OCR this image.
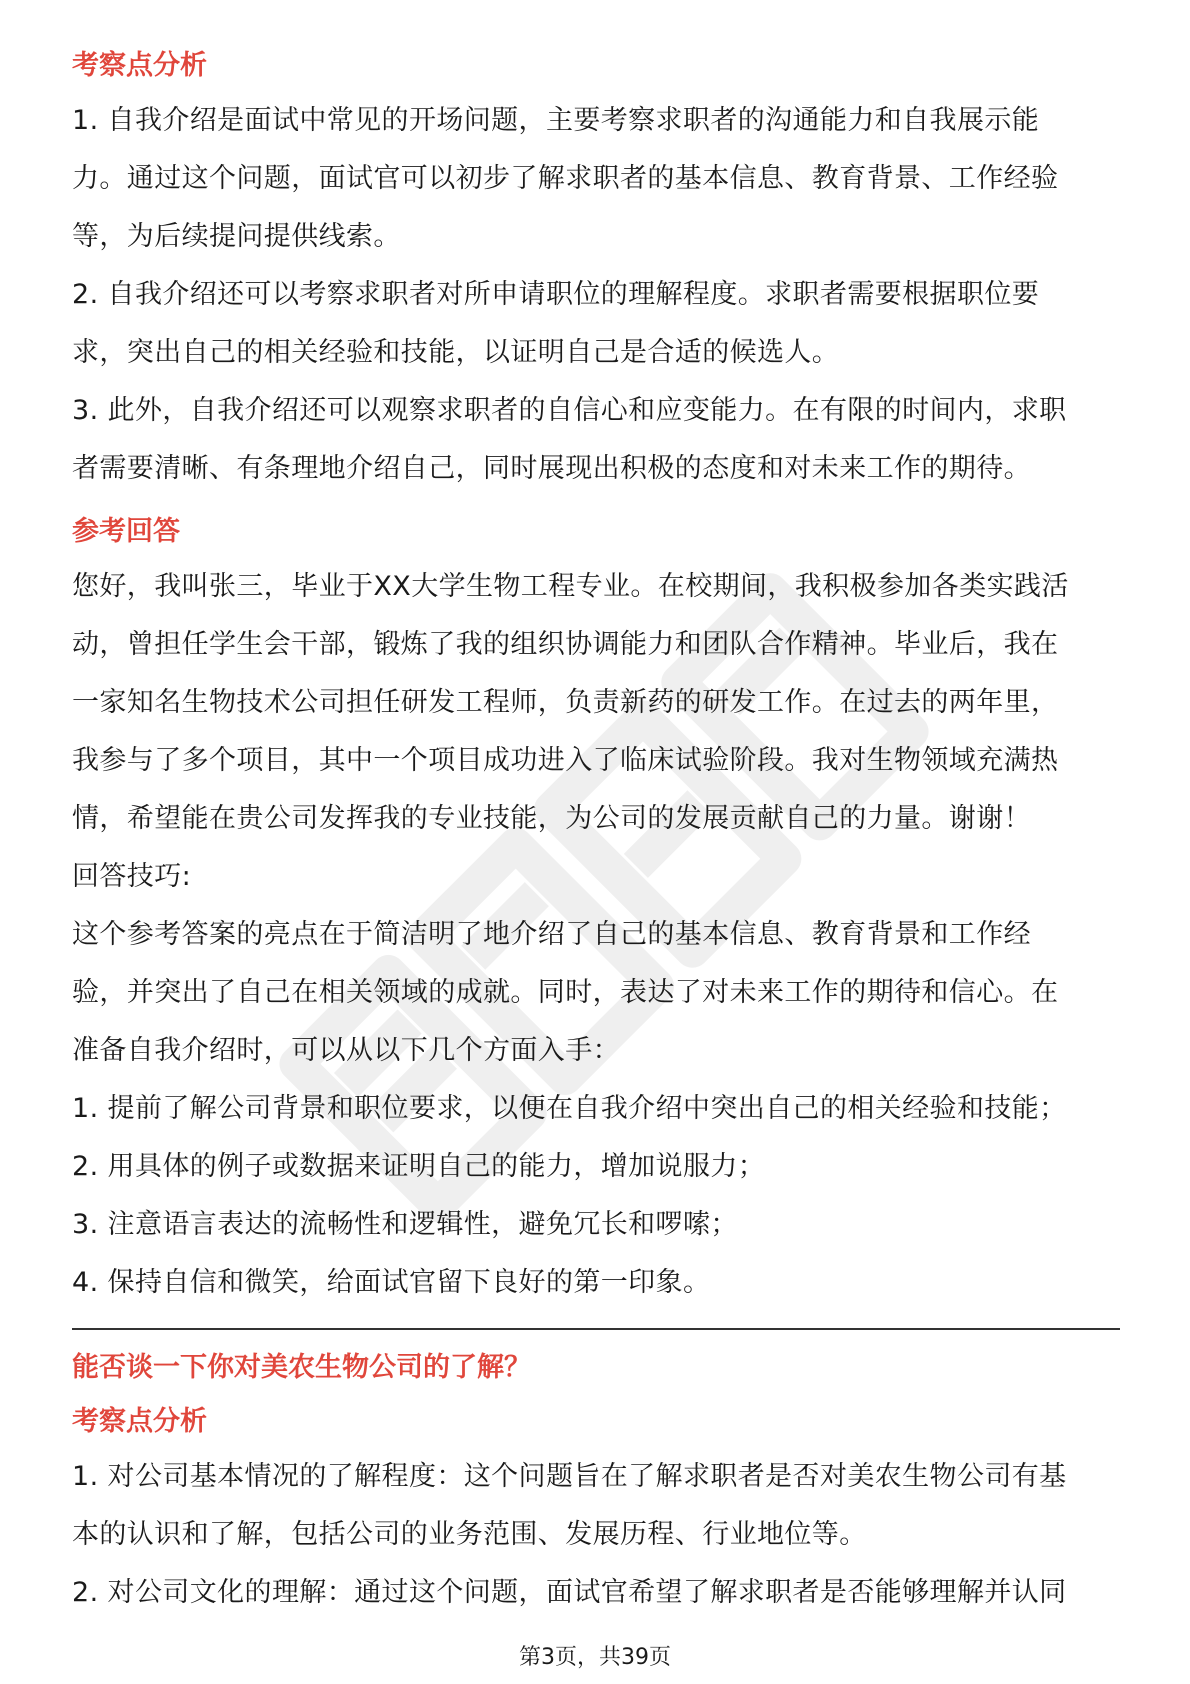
考察点分析

1. 自我介绍是面试中常见的开场问题，主要考察求职者的沟通能力和自我展示能

力。通过这个问题，面试官可以初步了解求职者的基本信息、教育背景、工作经验

等，为后续提问提供线索。

2. 自我介绍还可以考察求职者对所申请职位的理解程度。求职者需要根据职位要

求，突出自己的相关经验和技能，以证明自己是合适的候选人。

3. 此外，自我介绍还可以观察求职者的自信心和应变能力。在有限的时间内，求职

者需要清晰、有条理地介绍自己，同时展现出积极的态度和对未来工作的期待。

参考回答

您好，我叫张三，毕业于XX大学生物工程专业。在校期间，我积极参加各类实践活

动，曾担任学生会干部，锻炼了我的组织协调能力和团队合作精神。毕业后，我在

一家知名生物技术公司担任研发工程师，负责新药的研发工作。在过去的两年里，

我参与了多个项目，其中一个项目成功进入了临床试验阶段。我对生物领域充满热

情，希望能在贵公司发挥我的专业技能，为公司的发展贡献自己的力量。谢谢！

回答技巧:

这个参考答案的亮点在于简洁明了地介绍了自己的基本信息、教育背景和工作经

验，并突出了自己在相关领域的成就。同时，表达了对未来工作的期待和信心。在

准备自我介绍时，可以从以下几个方面入手：

1. 提前了解公司背景和职位要求，以便在自我介绍中突出自己的相关经验和技能；

2. 用具体的例子或数据来证明自己的能力，增加说服力；

3. 注意语言表达的流畅性和逻辑性，避免冗长和啰嗦；

4. 保持自信和微笑，给面试官留下良好的第一印象。

能否谈一下你对美农生物公司的了解？
考察点分析

1. 对公司基本情况的了解程度：这个问题旨在了解求职者是否对美农生物公司有基

本的认识和了解，包括公司的业务范围、发展历程、行业地位等。

2. 对公司文化的理解：通过这个问题，面试官希望了解求职者是否能够理解并认同

第3页，共39页
